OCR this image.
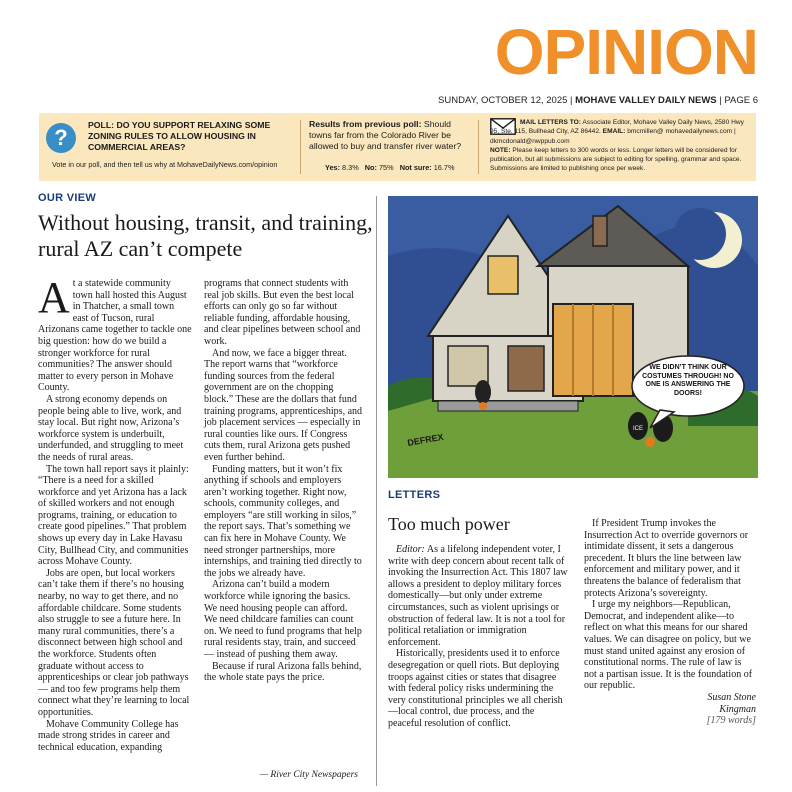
OPINION
SUNDAY, OCTOBER 12, 2025 | MOHAVE VALLEY DAILY NEWS | PAGE 6
?	POLL: DO YOU SUPPORT RELAXING SOME ZONING RULES TO ALLOW HOUSING IN COMMERCIAL AREAS?
Vote in our poll, and then tell us why at MohaveDailyNews.com/opinion
Results from previous poll: Should towns far from the Colorado River be allowed to buy and transfer river water?
Yes: 8.3% No: 75% Not sure: 16.7%
MAIL LETTERS TO: Associate Editor, Mohave Valley Daily News, 2580 Hwy 95, Ste. 115, Bullhead City, AZ 86442. EMAIL: bmcmillen@ mohavedailynews.com | dkmcdonald@nwppub.com
NOTE: Please keep letters to 300 words or less. Longer letters will be considered for publication, but all submissions are subject to editing for spelling, grammar and space. Submissions are limited to publishing once per week.
OUR VIEW
Without housing, transit, and training, rural AZ can’t compete

At a statewide community town hall hosted this August in Thatcher, a small town east of Tucson, rural Arizonans came together to tackle one big question: how do we build a stronger workforce for rural communities? The answer should matter to every person in Mohave County.

A strong economy depends on people being able to live, work, and stay local. But right now, Arizona’s workforce system is underbuilt, underfunded, and struggling to meet the needs of rural areas.

The town hall report says it plainly: “There is a need for a skilled workforce and yet Arizona has a lack of skilled workers and not enough programs, training, or education to create good pipelines.” That problem shows up every day in Lake Havasu City, Bullhead City, and communities across Mohave County.

Jobs are open, but local workers can’t take them if there’s no housing nearby, no way to get there, and no affordable childcare. Some students also struggle to see a future here. In many rural communities, there’s a disconnect between high school and the workforce. Students often graduate without access to apprenticeships or clear job pathways — and too few programs help them connect what they’re learning to local opportunities.

Mohave Community College has made strong strides in career and technical education, expanding

programs that connect students with real job skills. But even the best local efforts can only go so far without reliable funding, affordable housing, and clear pipelines between school and work.

And now, we face a bigger threat. The report warns that “workforce funding sources from the federal government are on the chopping block.” These are the dollars that fund training programs, apprenticeships, and job placement services — especially in rural counties like ours. If Congress cuts them, rural Arizona gets pushed even further behind.

Funding matters, but it won’t fix anything if schools and employers aren’t working together. Right now, schools, community colleges, and employers “are still working in silos,” the report says. That’s something we can fix here in Mohave County. We need stronger partnerships, more internships, and training tied directly to the jobs we already have.

Arizona can’t build a modern workforce while ignoring the basics. We need housing people can afford. We need childcare families can count on. We need to fund programs that help rural residents stay, train, and succeed — instead of pushing them away.

Because if rural Arizona falls behind, the whole state pays the price.

— River City Newspapers
ICE
WE DIDN’T THINK OUR COSTUMES THROUGH! NO ONE IS ANSWERING THE DOORS!
DEFREX
LETTERS
Too much power

Editor: As a lifelong independent voter, I write with deep concern about recent talk of invoking the Insurrection Act. This 1807 law allows a president to deploy military forces domestically—but only under extreme circumstances, such as violent uprisings or obstruction of federal law. It is not a tool for political retaliation or immigration enforcement.

Historically, presidents used it to enforce desegregation or quell riots. But deploying troops against cities or states that disagree with federal policy risks undermining the very constitutional principles we all cherish—local control, due process, and the peaceful resolution of conflict.

If President Trump invokes the Insurrection Act to override governors or intimidate dissent, it sets a dangerous precedent. It blurs the line between law enforcement and military power, and it threatens the balance of federalism that protects Arizona’s sovereignty.

I urge my neighbors—Republican, Democrat, and independent alike—to reflect on what this means for our shared values. We can disagree on policy, but we must stand united against any erosion of constitutional norms. The rule of law is not a partisan issue. It is the foundation of our republic.

Susan Stone
Kingman
[179 words]
